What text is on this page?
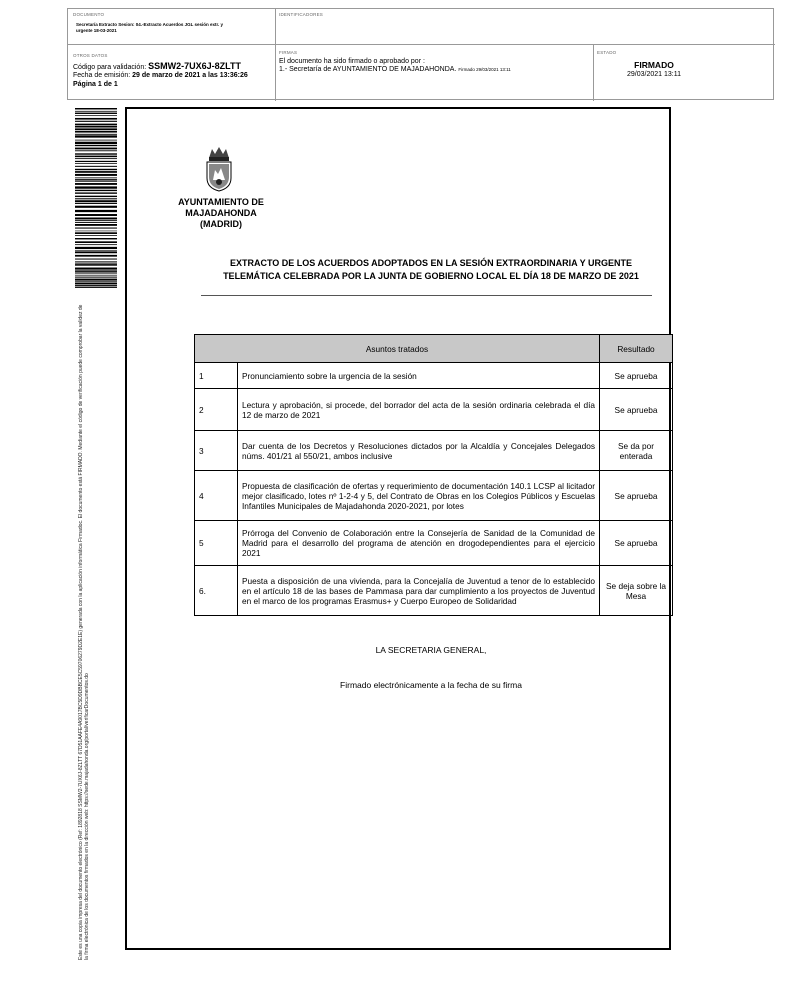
DOCUMENTO
Secretaría Extracto Sesion: 04.-Extracto Acuerdos JGL sesión extr. y urgente 18-03-2021
IDENTIFICADORES
OTROS DATOS
Código para validación: SSMW2-7UX6J-8ZLTT
Fecha de emisión: 29 de marzo de 2021 a las 13:36:26
Página 1 de 1
FIRMAS
El documento ha sido firmado o aprobado por :
1.- Secretaría de AYUNTAMIENTO DE MAJADAHONDA. Firmado 29/03/2021 13:11
ESTADO
FIRMADO
29/03/2021 13:11
Este es una copia impresa del documento electrónico (Ref: 1892818 SSMW2-7UX6J-8ZLTT 67D51AAFE4A9017BC5D9DBBCE5C59706279D2E1E) generada con la aplicación informática Firmadoc. El documento está FIRMADO. Mediante el código de verificación puede comprobar la validez de la firma electrónica de los documentos firmados en la dirección web: https://sede.majadahonda.org/portal/verificarDocumentos.do
AYUNTAMIENTO DE
MAJADAHONDA
(MADRID)
EXTRACTO DE LOS ACUERDOS ADOPTADOS EN LA SESIÓN EXTRAORDINARIA Y URGENTE
TELEMÁTICA CELEBRADA POR LA JUNTA DE GOBIERNO LOCAL EL DÍA 18 DE MARZO DE 2021
Asuntos tratados		Resultado
1	Pronunciamiento sobre la urgencia de la sesión	Se aprueba
2	Lectura y aprobación, si procede, del borrador del acta de la sesión ordinaria celebrada el día 12 de marzo de 2021	Se aprueba
3	Dar cuenta de los Decretos y Resoluciones dictados por la Alcaldía y Concejales Delegados núms. 401/21 al 550/21, ambos inclusive	Se da por enterada
4	Propuesta de clasificación de ofertas y requerimiento de documentación 140.1 LCSP al licitador mejor clasificado, lotes nº 1-2-4 y 5, del Contrato de Obras en los Colegios Públicos y Escuelas Infantiles Municipales de Majadahonda 2020-2021, por lotes	Se aprueba
5	Prórroga del Convenio de Colaboración entre la Consejería de Sanidad de la Comunidad de Madrid para el desarrollo del programa de atención en drogodependientes para el ejercicio 2021	Se aprueba
6.	Puesta a disposición de una vivienda, para la Concejalía de Juventud a tenor de lo establecido en el artículo 18 de las bases de Pammasa para dar cumplimiento a los proyectos de Juventud en el marco de los programas Erasmus+ y Cuerpo Europeo de Solidaridad	Se deja sobre la Mesa
LA SECRETARIA GENERAL,
Firmado electrónicamente a la fecha de su firma
